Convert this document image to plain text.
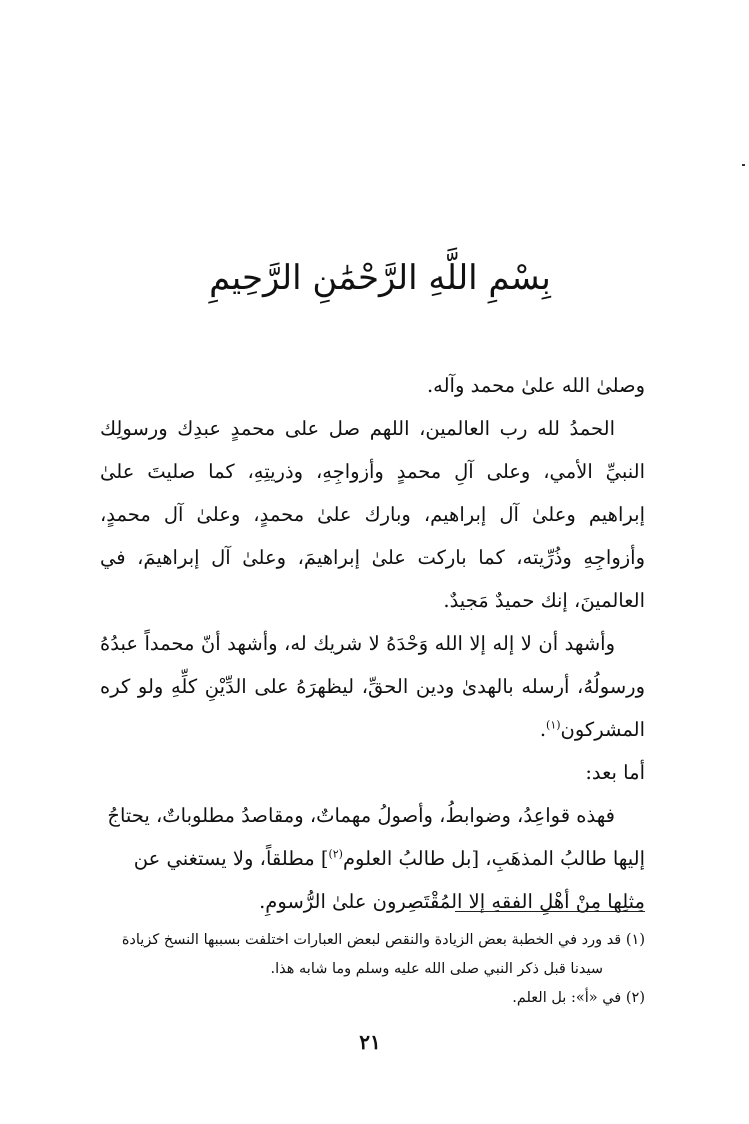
بِسْمِ اللَّهِ الرَّحْمَٰنِ الرَّحِيمِ

وصلىٰ الله علىٰ محمد وآله.

الحمدُ لله رب العالمين، اللهم صل على محمدٍ عبدِك ورسولِك النبيِّ الأمي، وعلى آلِ محمدٍ وأزواجِهِ، وذريتِهِ، كما صليتَ علىٰ إبراهيم وعلىٰ آل إبراهيم، وبارك علىٰ محمدٍ، وعلىٰ آل محمدٍ، وأزواجِهِ وذُرِّيته، كما باركت علىٰ إبراهيمَ، وعلىٰ آل إبراهيمَ، في العالمينَ، إنك حميدٌ مَجيدٌ.

وأشهد أن لا إله إلا الله وَحْدَهُ لا شريك له، وأشهد أنّ محمداً عبدُهُ ورسولُهُ، أرسله بالهدىٰ ودين الحقِّ، ليظهرَهُ على الدِّيْنِ كلِّهِ ولو كره المشركون$^{(١)}$.

أما بعد:

فهذه قواعِدُ، وضوابطُ، وأصولُ مهماتٌ، ومقاصدُ مطلوباتٌ، يحتاجُ إليها طالبُ المذهَبِ، [بل طالبُ العلوم$^{(٢)}$] مطلقاً، ولا يستغني عن مِثلِها مِنْ أهْلِ الفقهِ إلا المُقْتَصِرون علىٰ الرُّسومِ.

(١) قد ورد في الخطبة بعض الزيادة والنقص لبعض العبارات اختلفت بسببها النسخ كزيادة

سيدنا قبل ذكر النبي صلى الله عليه وسلم وما شابه هذا.

(٢) في «أ»: بل العلم.

٢١
